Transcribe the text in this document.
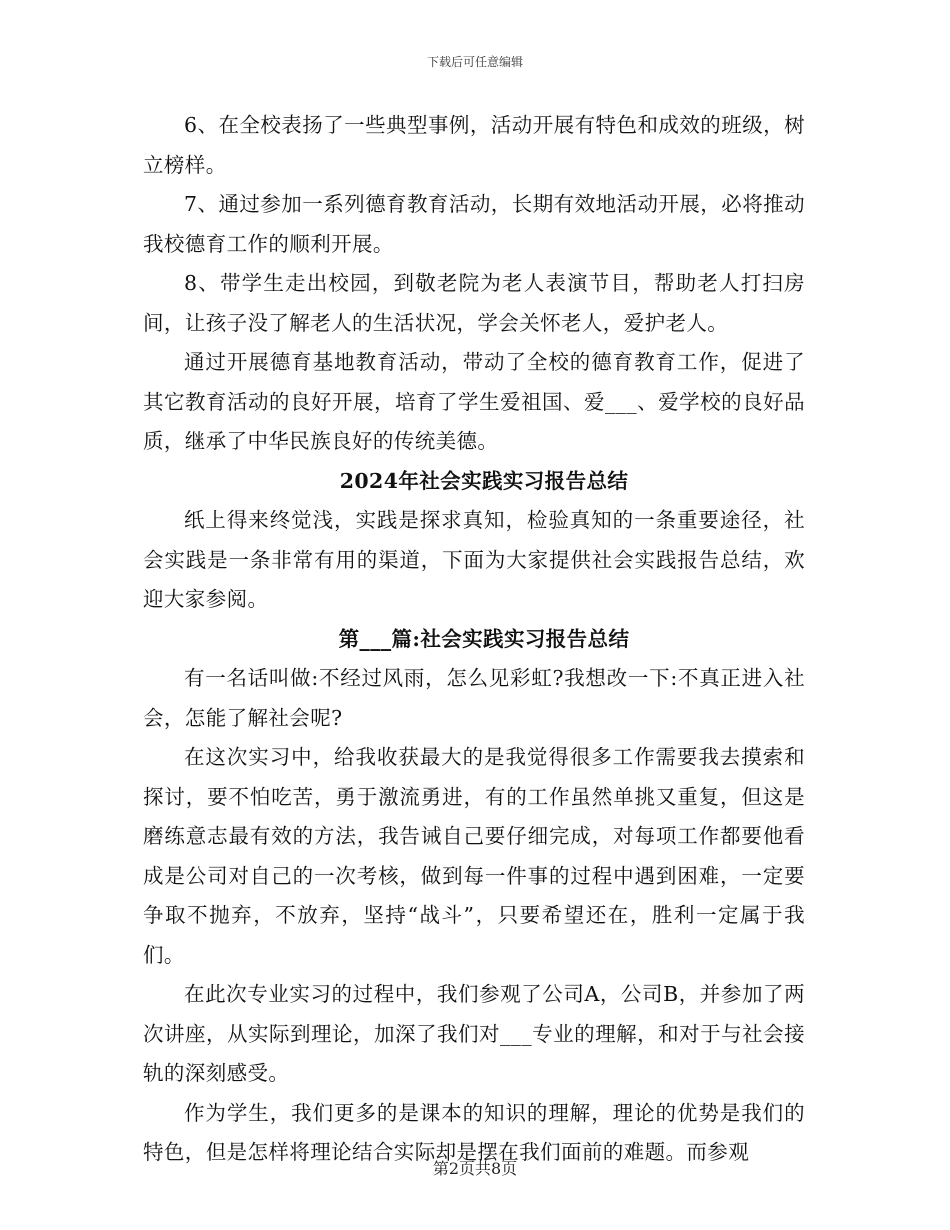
下载后可任意编辑

6、在全校表扬了一些典型事例，活动开展有特色和成效的班级，树立榜样。

7、通过参加一系列德育教育活动，长期有效地活动开展，必将推动我校德育工作的顺利开展。

8、带学生走出校园，到敬老院为老人表演节目，帮助老人打扫房间，让孩子没了解老人的生活状况，学会关怀老人，爱护老人。

通过开展德育基地教育活动，带动了全校的德育教育工作，促进了其它教育活动的良好开展，培育了学生爱祖国、爱___、爱学校的良好品质，继承了中华民族良好的传统美德。

2024年社会实践实习报告总结

纸上得来终觉浅，实践是探求真知，检验真知的一条重要途径，社会实践是一条非常有用的渠道，下面为大家提供社会实践报告总结，欢迎大家参阅。

第___篇:社会实践实习报告总结

有一名话叫做:不经过风雨，怎么见彩虹?我想改一下:不真正进入社会，怎能了解社会呢?

在这次实习中，给我收获最大的是我觉得很多工作需要我去摸索和探讨，要不怕吃苦，勇于激流勇进，有的工作虽然单挑又重复，但这是磨练意志最有效的方法，我告诫自己要仔细完成，对每项工作都要他看成是公司对自己的一次考核，做到每一件事的过程中遇到困难，一定要争取不抛弃，不放弃，坚持“战斗”，只要希望还在，胜利一定属于我们。

在此次专业实习的过程中，我们参观了公司A，公司B，并参加了两次讲座，从实际到理论，加深了我们对___专业的理解，和对于与社会接轨的深刻感受。

作为学生，我们更多的是课本的知识的理解，理论的优势是我们的特色，但是怎样将理论结合实际却是摆在我们面前的难题。而参观

第2页共8页
